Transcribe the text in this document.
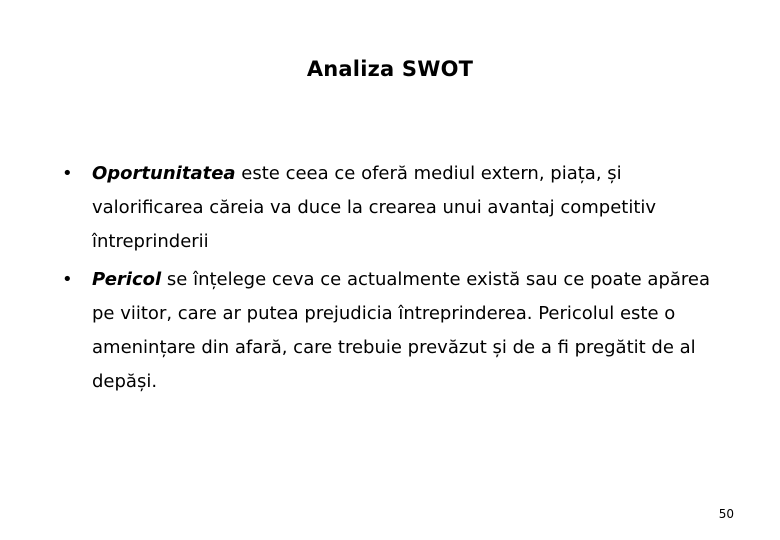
Analiza SWOT
• Oportunitatea este ceea ce oferă mediul extern, piața, și valorificarea căreia va duce la crearea unui avantaj competitiv întreprinderii
• Pericol se înțelege ceva ce actualmente există sau ce poate apărea pe viitor, care ar putea prejudicia întreprinderea. Pericolul este o amenințare din afară, care trebuie prevăzut și de a fi pregătit de al depăși.
50
